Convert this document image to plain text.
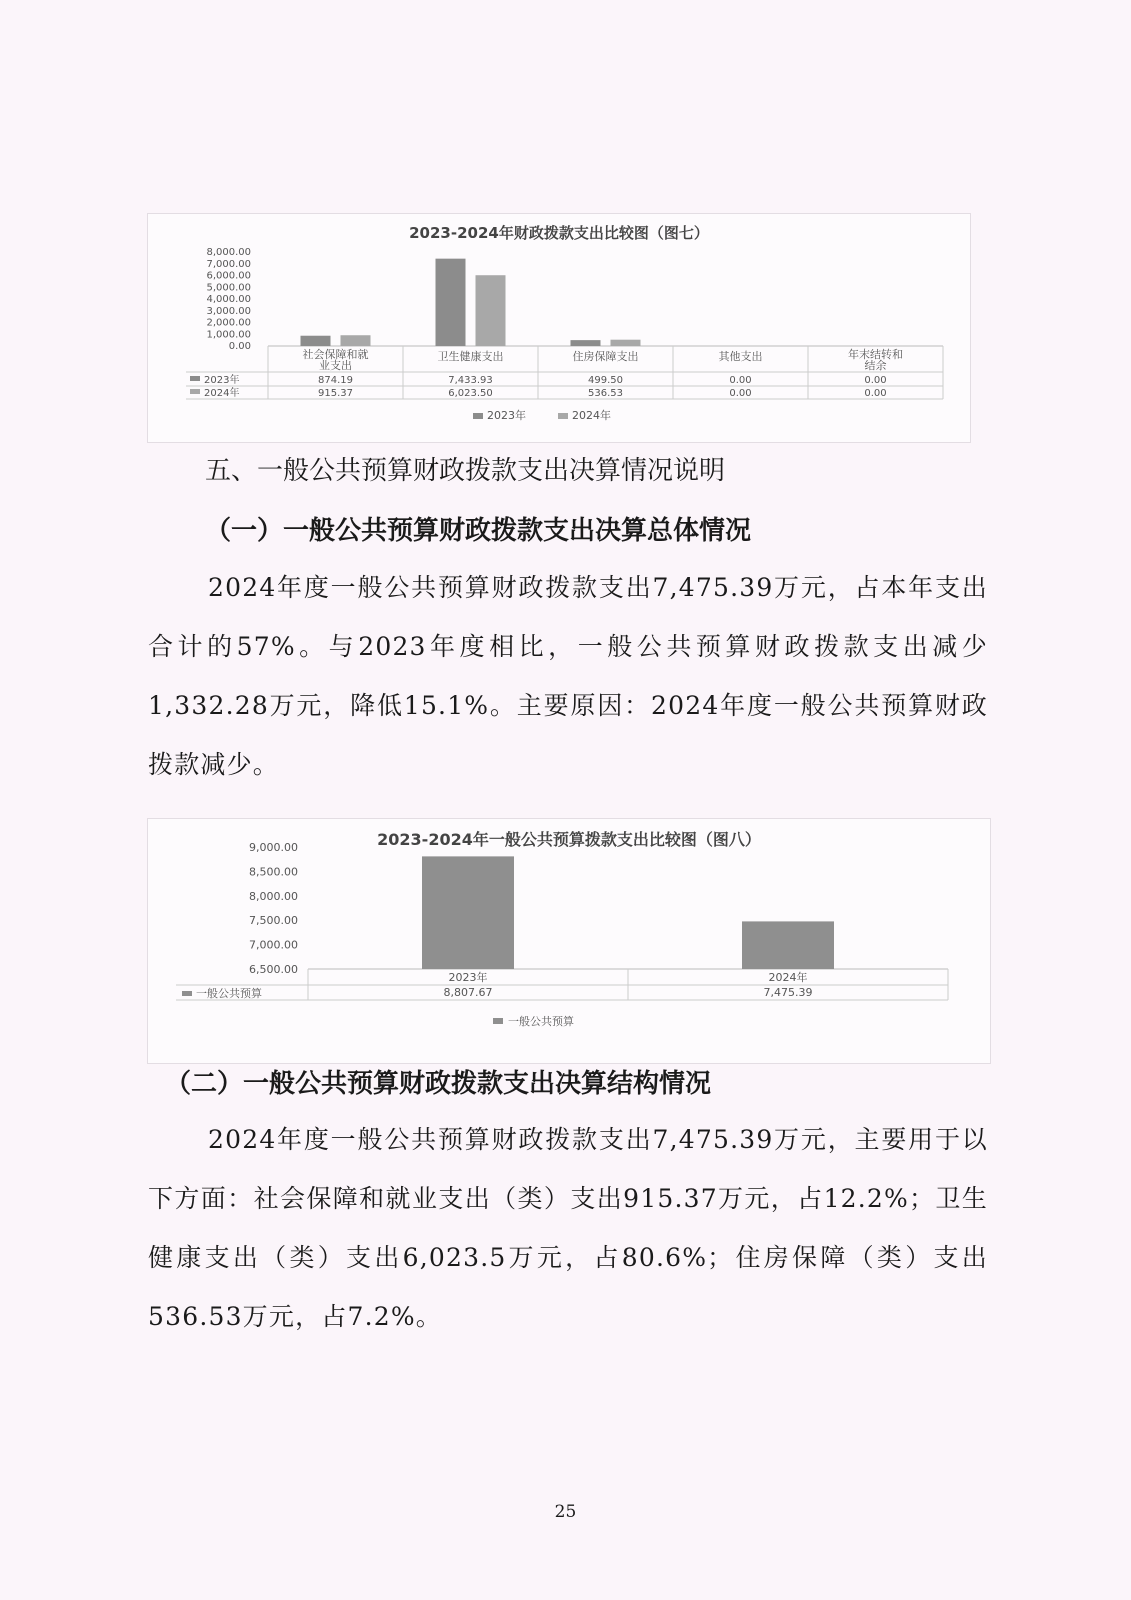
2023-2024年财政拨款支出比较图（图七）
8,000.00
7,000.00
6,000.00
5,000.00
4,000.00
3,000.00
2,000.00
1,000.00
0.00
社会保障和就
业支出
874.19
915.37
卫生健康支出
7,433.93
6,023.50
住房保障支出
499.50
536.53
其他支出
0.00
0.00
年末结转和
结余
0.00
0.00
2023年
2024年
2023年	2024年
五、一般公共预算财政拨款支出决算情况说明
（一）一般公共预算财政拨款支出决算总体情况
2024年度一般公共预算财政拨款支出7,475.39万元，占本年支出合计的57%。与2023年度相比，一般公共预算财政拨款支出减少1,332.28万元，降低15.1%。主要原因：2024年度一般公共预算财政拨款减少。
2023-2024年一般公共预算拨款支出比较图（图八）
9,000.00
8,500.00
8,000.00
7,500.00
7,000.00
6,500.00
2023年
8,807.67
2024年
7,475.39
一般公共预算
一般公共预算
（二）一般公共预算财政拨款支出决算结构情况
2024年度一般公共预算财政拨款支出7,475.39万元，主要用于以下方面：社会保障和就业支出（类）支出915.37万元，占12.2%；卫生健康支出（类）支出6,023.5万元，占80.6%；住房保障（类）支出536.53万元，占7.2%。
25
